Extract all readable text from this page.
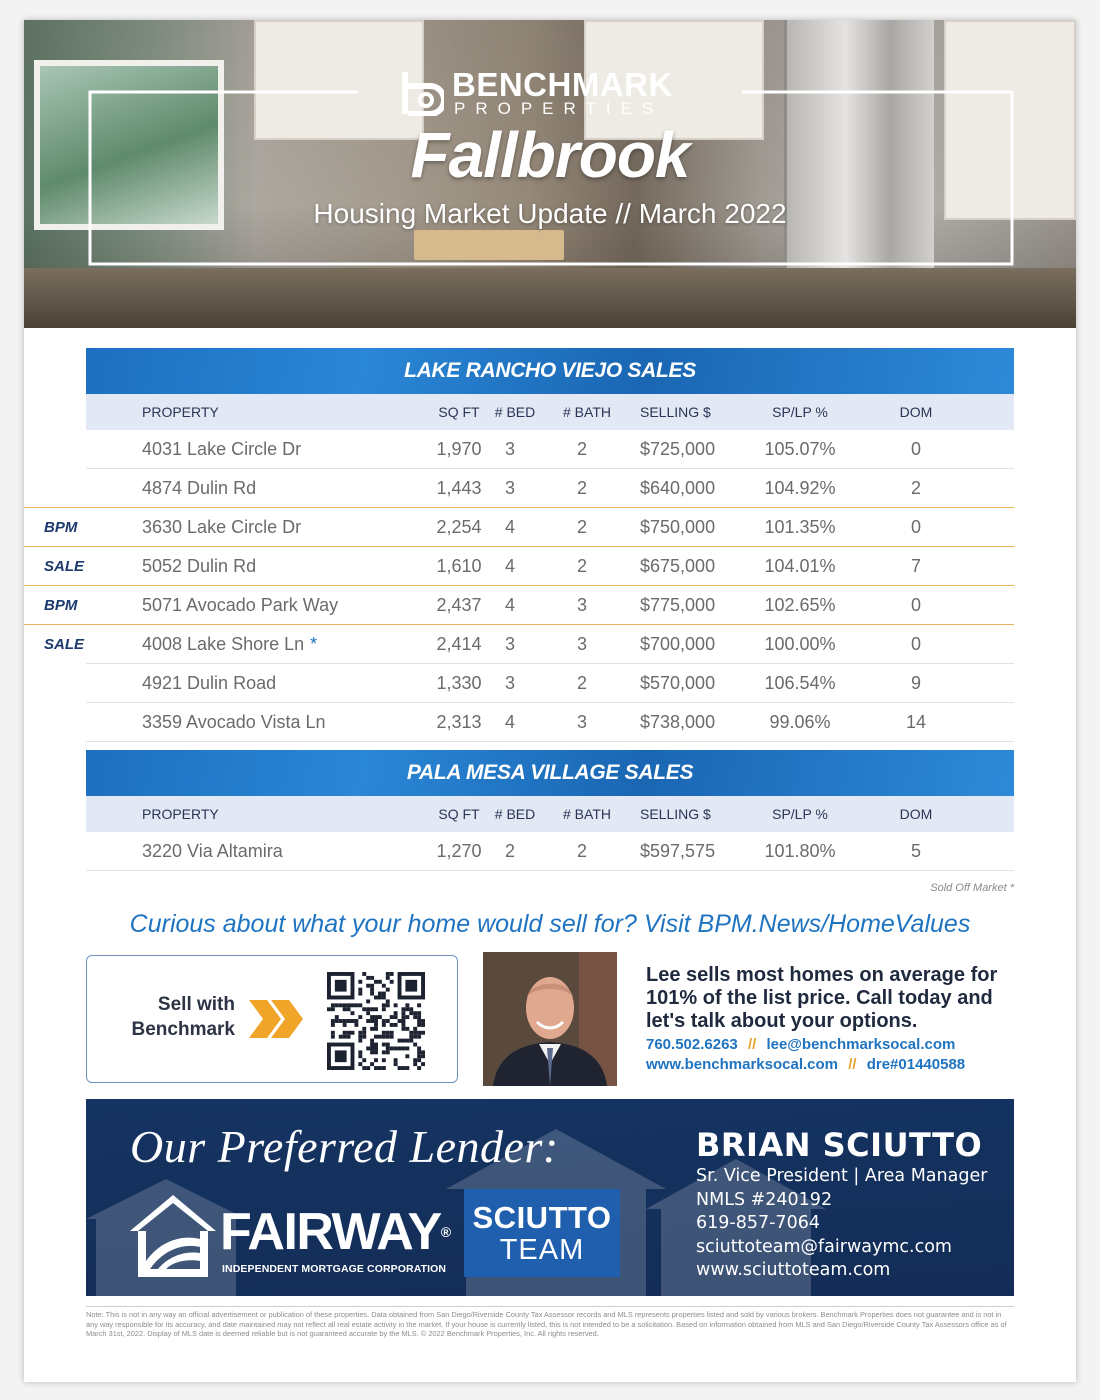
BENCHMARK
PROPERTIES
Fallbrook
Housing Market Update // March 2022
LAKE RANCHO VIEJO SALES
PROPERTY	SQ FT	# BED	# BATH	SELLING $	SP/LP %	DOM
4031 Lake Circle Dr	1,970	3	2	$725,000	105.07%	0
4874 Dulin Rd	1,443	3	2	$640,000	104.92%	2
3630 Lake Circle Dr	2,254	4	2	$750,000	101.35%	0
5052 Dulin Rd	1,610	4	2	$675,000	104.01%	7
5071 Avocado Park Way	2,437	4	3	$775,000	102.65%	0
4008 Lake Shore Ln *	2,414	3	3	$700,000	100.00%	0
4921 Dulin Road	1,330	3	2	$570,000	106.54%	9
3359 Avocado Vista Ln	2,313	4	3	$738,000	99.06%	14
BPM SALE
BPM SALE
PALA MESA VILLAGE SALES
PROPERTY	SQ FT	# BED	# BATH	SELLING $	SP/LP %	DOM
3220 Via Altamira	1,270	2	2	$597,575	101.80%	5
Sold Off Market *
Curious about what your home would sell for? Visit BPM.News/HomeValues
Sell with
Benchmark
Lee sells most homes on average for 101% of the list price. Call today and let's talk about your options.
760.502.6263 // lee@benchmarksocal.com
www.benchmarksocal.com // dre#01440588
Our Preferred Lender:
FAIRWAY®
INDEPENDENT MORTGAGE CORPORATION
SCIUTTO
TEAM
BRIAN SCIUTTO
Sr. Vice President | Area Manager
NMLS #240192
619-857-7064
sciuttoteam@fairwaymc.com
www.sciuttoteam.com
Note: This is not in any way an official advertisement or publication of these properties. Data obtained from San Diego/Riverside County Tax Assessor records and MLS represents properties listed and sold by various brokers. Benchmark Properties does not guarantee and is not in any way responsible for its accuracy, and date maintained may not reflect all real estate activity in the market. If your house is currently listed, this is not intended to be a solicitation. Based on information obtained from MLS and San Diego/Riverside County Tax Assessors office as of March 31st, 2022. Display of MLS date is deemed reliable but is not guaranteed accurate by the MLS. © 2022 Benchmark Properties, Inc. All rights reserved.
